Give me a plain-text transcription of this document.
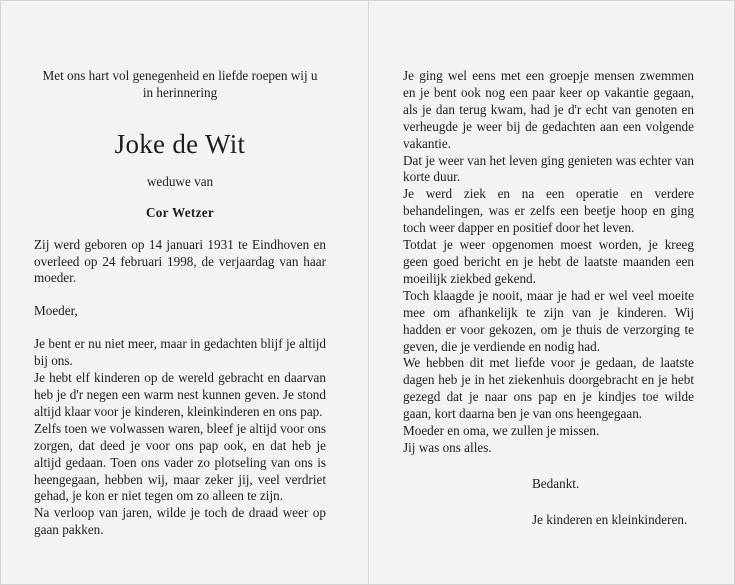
Met ons hart vol genegenheid en liefde roepen wij u in herinnering
Joke de Wit
weduwe van
Cor Wetzer

Zij werd geboren op 14 januari 1931 te Eindhoven en overleed op 24 februari 1998, de verjaardag van haar moeder.

Moeder,

Je bent er nu niet meer, maar in gedachten blijf je altijd bij ons.

Je hebt elf kinderen op de wereld gebracht en daarvan heb je d'r negen een warm nest kunnen geven. Je stond altijd klaar voor je kinderen, kleinkinderen en ons pap.

Zelfs toen we volwassen waren, bleef je altijd voor ons zorgen, dat deed je voor ons pap ook, en dat heb je altijd gedaan. Toen ons vader zo plotseling van ons is heengegaan, hebben wij, maar zeker jij, veel verdriet gehad, je kon er niet tegen om zo alleen te zijn.

Na verloop van jaren, wilde je toch de draad weer op gaan pakken.

Je ging wel eens met een groepje mensen zwemmen en je bent ook nog een paar keer op vakantie gegaan, als je dan terug kwam, had je d'r echt van genoten en verheugde je weer bij de gedachten aan een volgende vakantie.

Dat je weer van het leven ging genieten was echter van korte duur.

Je werd ziek en na een operatie en verdere behandelingen, was er zelfs een beetje hoop en ging toch weer dapper en positief door het leven.

Totdat je weer opgenomen moest worden, je kreeg geen goed bericht en je hebt de laatste maanden een moeilijk ziekbed gekend.

Toch klaagde je nooit, maar je had er wel veel moeite mee om afhankelijk te zijn van je kinderen. Wij hadden er voor gekozen, om je thuis de verzorging te geven, die je verdiende en nodig had.

We hebben dit met liefde voor je gedaan, de laatste dagen heb je in het ziekenhuis doorgebracht en je hebt gezegd dat je naar ons pap en je kindjes toe wilde gaan, kort daarna ben je van ons heengegaan.

Moeder en oma, we zullen je missen.

Jij was ons alles.

Bedankt.
Je kinderen en kleinkinderen.
